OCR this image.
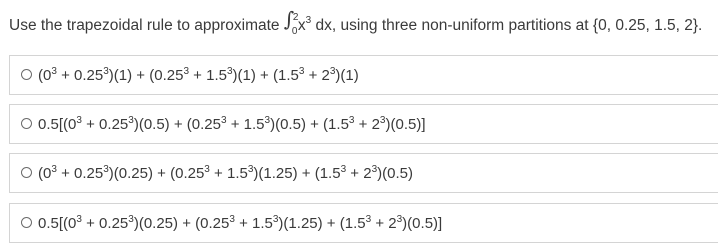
Use the trapezoidal rule to approximate ∫
2
0 $x^3$ dx, using three non-uniform partitions at {0, 0.25, 1.5, 2}.
$(0^3 + 0.25^3)(1) + (0.25^3 + 1.5^3)(1) + (1.5^3 + 2^3)(1)$
$0.5[(0^3 + 0.25^3)(0.5) + (0.25^3 + 1.5^3)(0.5) + (1.5^3 + 2^3)(0.5)]$
$(0^3 + 0.25^3)(0.25) + (0.25^3 + 1.5^3)(1.25) + (1.5^3 + 2^3)(0.5)$
$0.5[(0^3 + 0.25^3)(0.25) + (0.25^3 + 1.5^3)(1.25) + (1.5^3 + 2^3)(0.5)]$
